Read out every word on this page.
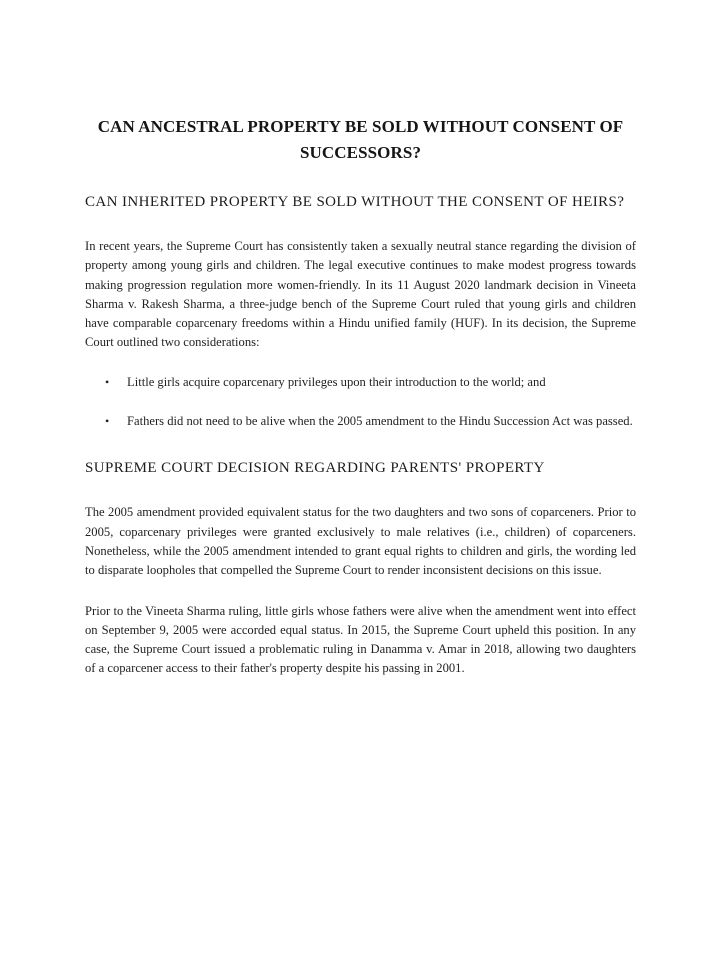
CAN ANCESTRAL PROPERTY BE SOLD WITHOUT CONSENT OF SUCCESSORS?
CAN INHERITED PROPERTY BE SOLD WITHOUT THE CONSENT OF HEIRS?

In recent years, the Supreme Court has consistently taken a sexually neutral stance regarding the division of property among young girls and children. The legal executive continues to make modest progress towards making progression regulation more women-friendly. In its 11 August 2020 landmark decision in Vineeta Sharma v. Rakesh Sharma, a three-judge bench of the Supreme Court ruled that young girls and children have comparable coparcenary freedoms within a Hindu unified family (HUF). In its decision, the Supreme Court outlined two considerations:

• Little girls acquire coparcenary privileges upon their introduction to the world; and
• Fathers did not need to be alive when the 2005 amendment to the Hindu Succession Act was passed.
SUPREME COURT DECISION REGARDING PARENTS' PROPERTY

The 2005 amendment provided equivalent status for the two daughters and two sons of coparceners. Prior to 2005, coparcenary privileges were granted exclusively to male relatives (i.e., children) of coparceners. Nonetheless, while the 2005 amendment intended to grant equal rights to children and girls, the wording led to disparate loopholes that compelled the Supreme Court to render inconsistent decisions on this issue.

Prior to the Vineeta Sharma ruling, little girls whose fathers were alive when the amendment went into effect on September 9, 2005 were accorded equal status. In 2015, the Supreme Court upheld this position. In any case, the Supreme Court issued a problematic ruling in Danamma v. Amar in 2018, allowing two daughters of a coparcener access to their father's property despite his passing in 2001.
